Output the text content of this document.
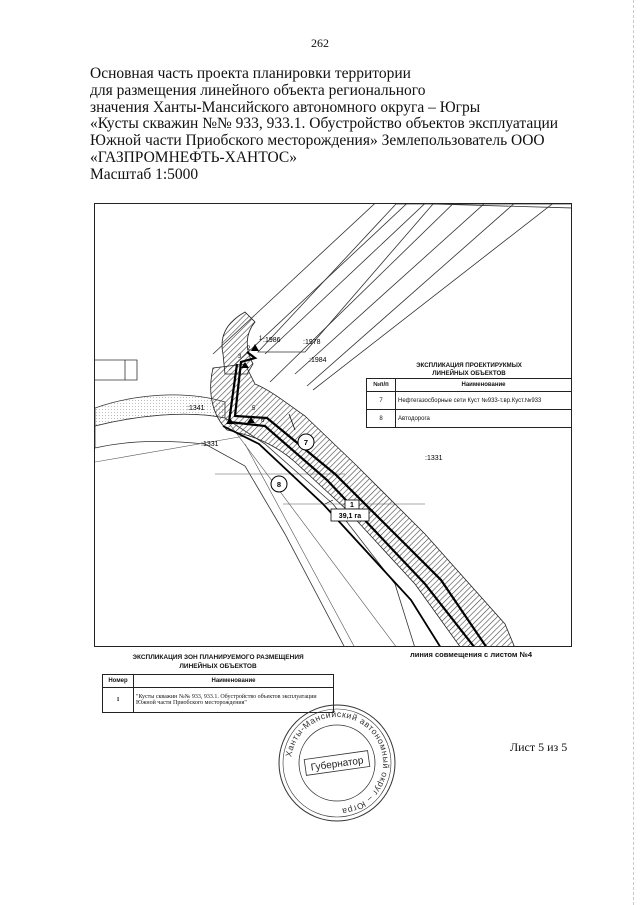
262
Основная часть проекта планировки территории
для размещения линейного объекта регионального
значения Ханты-Мансийского автономного округа – Югры
«Кусты скважин №№ 933, 933.1. Обустройство объектов эксплуатации
Южной части Приобского месторождения» Землепользователь ООО
«ГАЗПРОМНЕФТЬ-ХАНТОС»
Масштаб 1:5000
1
2
3
4
5
6
:1986	:1978
:1984
:1341
:1331
:1331
7
8
1
39,1 га
ЭКСПЛИКАЦИЯ ПРОЕКТИРУКМЫХ
ЛИНЕЙНЫХ ОБЪЕКТОВ
№п/п	Наименование
7	Нефтегазосборные сети Куст №933-т.вр.Куст.№933
8	Автодорога
линия совмещения с листом №4
ЭКСПЛИКАЦИЯ ЗОН ПЛАНИРУЕМОГО РАЗМЕЩЕНИЯ
ЛИНЕЙНЫХ ОБЪЕКТОВ
Номер	Наименование
1	"Кусты скважин №№ 933, 933.1. Обустройство объектов эксплуатации Южной части Приобского месторождения"
Ханты-Мансийский автономный округ – Югра
Губернатор
Лист 5 из 5
